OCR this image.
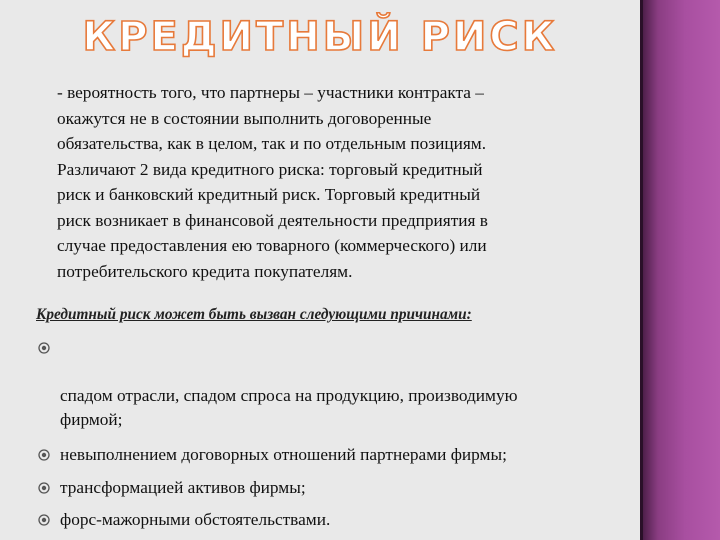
КРЕДИТНЫЙ РИСК

- вероятность того, что партнеры – участники контракта –
окажутся не в состоянии выполнить договоренные
обязательства, как в целом, так и по отдельным позициям.
Различают 2 вида кредитного риска: торговый кредитный
риск и банковский кредитный риск. Торговый кредитный
риск возникает в финансовой деятельности предприятия в
случае предоставления ею товарного (коммерческого) или
потребительского кредита покупателям.

Кредитный риск может быть вызван следующими причинами:

спадом отрасли, спадом спроса на продукцию, производимую
фирмой;

невыполнением договорных отношений партнерами фирмы;
трансформацией активов фирмы;
форс-мажорными обстоятельствами.
